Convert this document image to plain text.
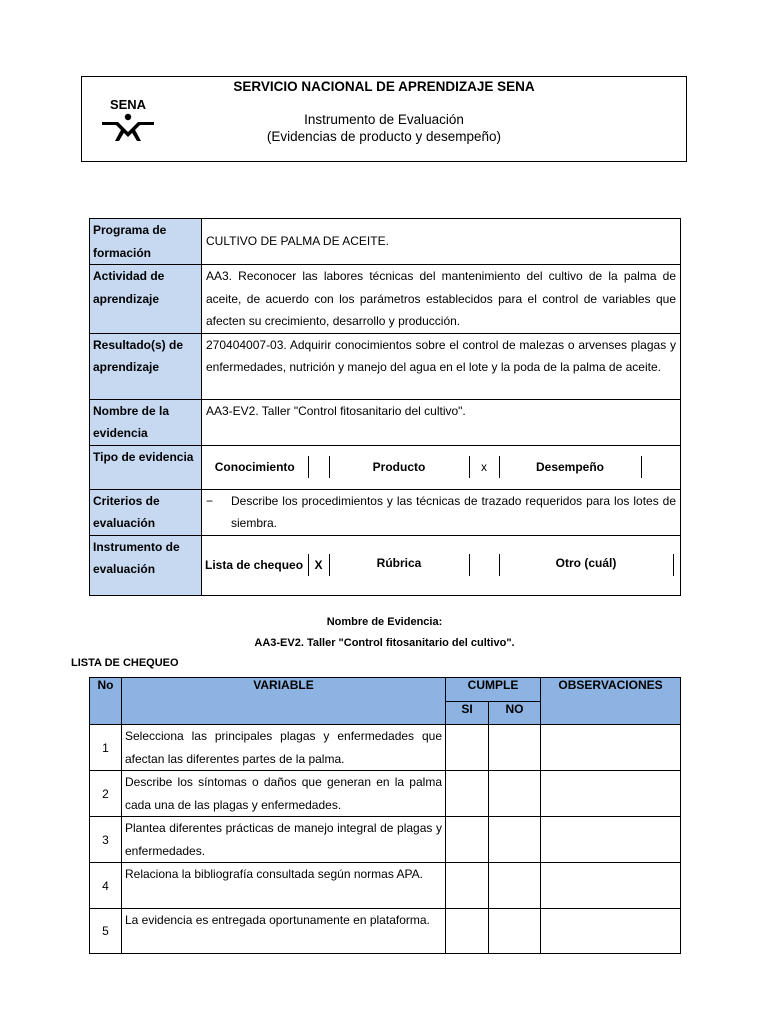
SENA
SERVICIO NACIONAL DE APRENDIZAJE SENA
Instrumento de Evaluación
(Evidencias de producto y desempeño)
Programa de formación	CULTIVO DE PALMA DE ACEITE.
Actividad de aprendizaje	AA3. Reconocer las labores técnicas del mantenimiento del cultivo de la palma de aceite, de acuerdo con los parámetros establecidos para el control de variables que afecten su crecimiento, desarrollo y producción.
Resultado(s) de aprendizaje	270404007-03. Adquirir conocimientos sobre el control de malezas o arvenses plagas y enfermedades, nutrición y manejo del agua en el lote y la poda de la palma de aceite.
Nombre de la evidencia	AA3-EV2. Taller "Control fitosanitario del cultivo".
Tipo de evidencia	
Conocimiento		Producto	x	Desempeño	

Criterios de evaluación	
−	Describe los procedimientos y las técnicas de trazado requeridos para los lotes de siembra.

Instrumento de evaluación		Lista de chequeo	X	Rúbrica		Otro (cuál)	
Nombre de Evidencia:
AA3-EV2. Taller "Control fitosanitario del cultivo".
LISTA DE CHEQUEO
No	VARIABLE	CUMPLE		OBSERVACIONES
		SI	NO	
1	Selecciona las principales plagas y enfermedades que afectan las diferentes partes de la palma.			
2	Describe los síntomas o daños que generan en la palma cada una de las plagas y enfermedades.			
3	Plantea diferentes prácticas de manejo integral de plagas y enfermedades.			
4	Relaciona la bibliografía consultada según normas APA.			
5	La evidencia es entregada oportunamente en plataforma.			
